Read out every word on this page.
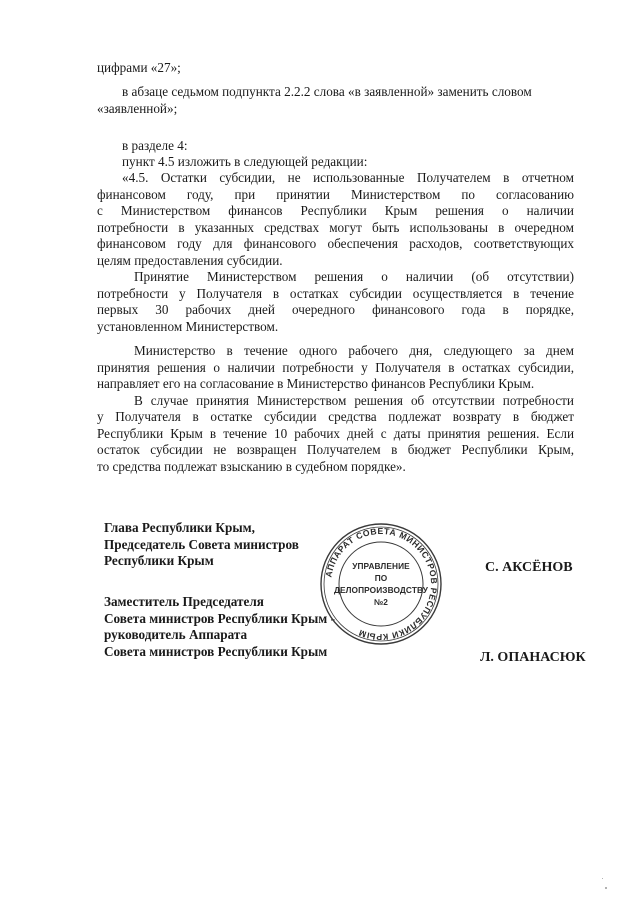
цифрами «27»;
в абзаце седьмом подпункта 2.2.2 слова «в заявленной» заменить словом
«заявленной»;
в разделе 4:
пункт 4.5 изложить в следующей редакции:
«4.5. Остатки субсидии, не использованные Получателем в отчетном
финансовом году, при принятии Министерством по согласованию
с Министерством финансов Республики Крым решения о наличии
потребности в указанных средствах могут быть использованы в очередном
финансовом году для финансового обеспечения расходов, соответствующих
целям предоставления субсидии.
Принятие Министерством решения о наличии (об отсутствии)
потребности у Получателя в остатках субсидии осуществляется в течение
первых 30 рабочих дней очередного финансового года в порядке,
установленном Министерством.
Министерство в течение одного рабочего дня, следующего за днем
принятия решения о наличии потребности у Получателя в остатках субсидии,
направляет его на согласование в Министерство финансов Республики Крым.
В случае принятия Министерством решения об отсутствии потребности
у Получателя в остатке субсидии средства подлежат возврату в бюджет
Республики Крым в течение 10 рабочих дней с даты принятия решения. Если
остаток субсидии не возвращен Получателем в бюджет Республики Крым,
то средства подлежат взысканию в судебном порядке».
Глава Республики Крым,
Председатель Совета министров
Республики Крым	С. АКСЁНОВ
Заместитель Председателя
Совета министров Республики Крым -
руководитель Аппарата
Совета министров Республики Крым	Л. ОПАНАСЮК
АППАРАТ СОВЕТА МИНИСТРОВ РЕСПУБЛИКИ КРЫМ
УПРАВЛЕНИЕ
ПО
ДЕЛОПРОИЗВОДСТВУ
№2
